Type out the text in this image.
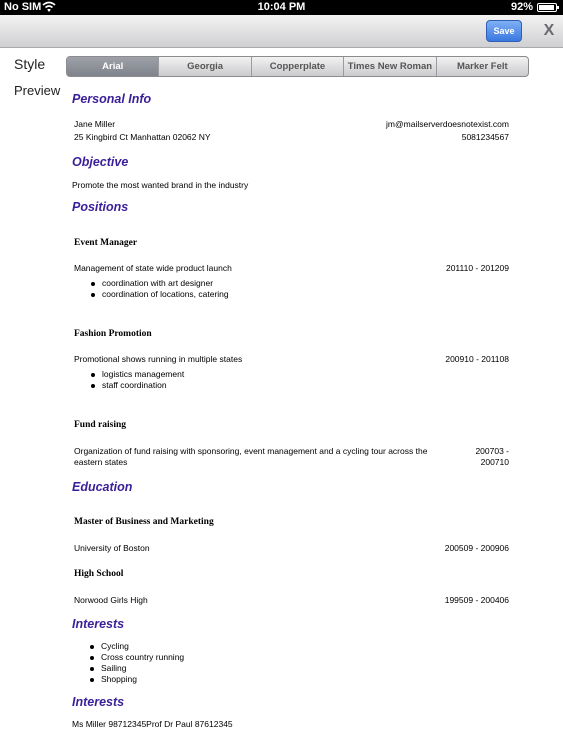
No SIM	10:04 PM	92%
Save	X
Style	Arial	Georgia	Copperplate	Times New Roman	Marker Felt
Preview
Personal Info
Jane Miller	jm@mailserverdoesnotexist.com
25 Kingbird Ct Manhattan 02062 NY	5081234567
Objective
Promote the most wanted brand in the industry
Positions
Event Manager
Management of state wide product launch	201110 - 201209
coordination with art designer
coordination of locations, catering
Fashion Promotion
Promotional shows running in multiple states	200910 - 201108
logistics management
staff coordination
Fund raising
Organization of fund raising with sponsoring, event management and a cycling tour across the eastern states
200703 - 200710
Education
Master of Business and Marketing
University of Boston	200509 - 200906
High School
Norwood Girls High	199509 - 200406
Interests
Cycling
Cross country running
Sailing
Shopping
Interests
Ms Miller 98712345Prof Dr Paul 87612345
